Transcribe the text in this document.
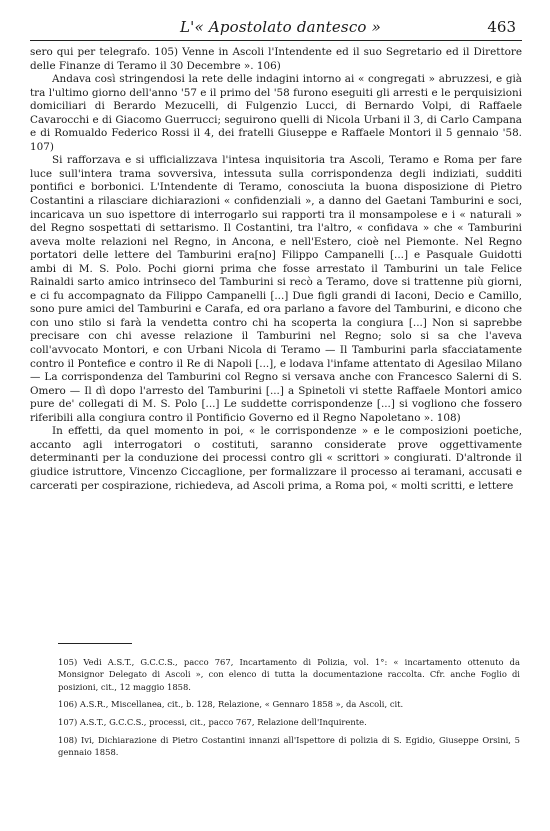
L'« Apostolato dantesco »	463

sero qui per telegrafo. 105) Venne in Ascoli l'Intendente ed il suo Segretario ed il Direttore delle Finanze di Teramo il 30 Decembre ». 106)

Andava così stringendosi la rete delle indagini intorno ai « congregati » abruzzesi, e già tra l'ultimo giorno dell'anno '57 e il primo del '58 furono eseguiti gli arresti e le perquisizioni domiciliari di Berardo Mezucelli, di Fulgenzio Lucci, di Bernardo Volpi, di Raffaele Cavarocchi e di Giacomo Guerrucci; seguirono quelli di Nicola Urbani il 3, di Carlo Campana e di Romualdo Federico Rossi il 4, dei fratelli Giuseppe e Raffaele Montori il 5 gennaio '58. 107)

Si rafforzava e si ufficializzava l'intesa inquisitoria tra Ascoli, Teramo e Roma per fare luce sull'intera trama sovversiva, intessuta sulla corrispondenza degli indiziati, sudditi pontifici e borbonici. L'Intendente di Teramo, conosciuta la buona disposizione di Pietro Costantini a rilasciare dichiarazioni « confidenziali », a danno del Gaetani Tamburini e soci, incaricava un suo ispettore di interrogarlo sui rapporti tra il monsampolese e i « naturali » del Regno sospettati di settarismo. Il Costantini, tra l'altro, « confidava » che « Tamburini aveva molte relazioni nel Regno, in Ancona, e nell'Estero, cioè nel Piemonte. Nel Regno portatori delle lettere del Tamburini era[no] Filippo Campanelli [...] e Pasquale Guidotti ambi di M. S. Polo. Pochi giorni prima che fosse arrestato il Tamburini un tale Felice Rainaldi sarto amico intrinseco del Tamburini si recò a Teramo, dove si trattenne più giorni, e ci fu accompagnato da Filippo Campanelli [...] Due figli grandi di Iaconi, Decio e Camillo, sono pure amici del Tamburini e Carafa, ed ora parlano a favore del Tamburini, e dicono che con uno stilo si farà la vendetta contro chi ha scoperta la congiura [...] Non si saprebbe precisare con chi avesse relazione il Tamburini nel Regno; solo si sa che l'aveva coll'avvocato Montori, e con Urbani Nicola di Teramo — Il Tamburini parla sfacciatamente contro il Pontefice e contro il Re di Napoli [...], e lodava l'infame attentato di Agesilao Milano — La corrispondenza del Tamburini col Regno si versava anche con Francesco Salerni di S. Omero — Il dì dopo l'arresto del Tamburini [...] a Spinetoli vi stette Raffaele Montori amico pure de' collegati di M. S. Polo [...] Le suddette corrispondenze [...] si vogliono che fossero riferibili alla congiura contro il Pontificio Governo ed il Regno Napoletano ». 108)

In effetti, da quel momento in poi, « le corrispondenze » e le composizioni poetiche, accanto agli interrogatori o costituti, saranno considerate prove oggettivamente determinanti per la conduzione dei processi contro gli « scrittori » congiurati. D'altronde il giudice istruttore, Vincenzo Ciccaglione, per formalizzare il processo ai teramani, accusati e carcerati per cospirazione, richiedeva, ad Ascoli prima, a Roma poi, « molti scritti, e lettere

105) Vedi A.S.T., G.C.C.S., pacco 767, Incartamento di Polizia, vol. 1°: « incartamento ottenuto da Monsignor Delegato di Ascoli », con elenco di tutta la documentazione raccolta. Cfr. anche Foglio di posizioni, cit., 12 maggio 1858.

106) A.S.R., Miscellanea, cit., b. 128, Relazione, « Gennaro 1858 », da Ascoli, cit.

107) A.S.T., G.C.C.S., processi, cit., pacco 767, Relazione dell'Inquirente.

108) Ivi, Dichiarazione di Pietro Costantini innanzi all'Ispettore di polizia di S. Egidio, Giuseppe Orsini, 5 gennaio 1858.
